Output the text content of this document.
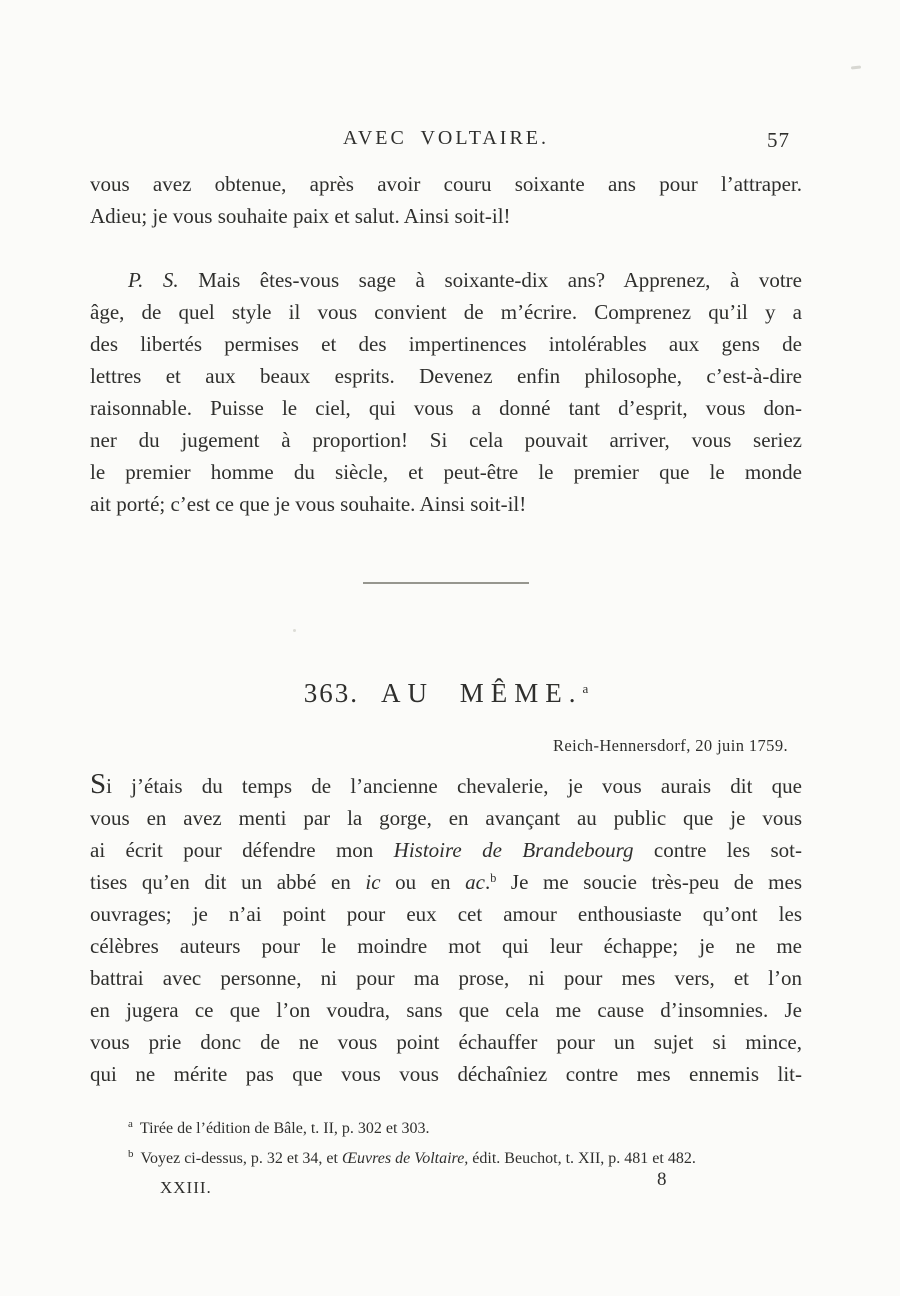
AVEC VOLTAIRE.	57
vous avez obtenue, après avoir couru soixante ans pour l’attraper.
Adieu; je vous souhaite paix et salut. Ainsi soit-il!
P. S. Mais êtes-vous sage à soixante-dix ans? Apprenez, à votre
âge, de quel style il vous convient de m’écrire. Comprenez qu’il y a
des libertés permises et des impertinences intolérables aux gens de
lettres et aux beaux esprits. Devenez enfin philosophe, c’est-à-dire
raisonnable. Puisse le ciel, qui vous a donné tant d’esprit, vous don-
ner du jugement à proportion! Si cela pouvait arriver, vous seriez
le premier homme du siècle, et peut-être le premier que le monde
ait porté; c’est ce que je vous souhaite. Ainsi soit-il!
363. AU MÊME.$^a$
Reich-Hennersdorf, 20 juin 1759.
Si j’étais du temps de l’ancienne chevalerie, je vous aurais dit que
vous en avez menti par la gorge, en avançant au public que je vous
ai écrit pour défendre mon Histoire de Brandebourg contre les sot-
tises qu’en dit un abbé en ic ou en ac.$^b$ Je me soucie très-peu de mes
ouvrages; je n’ai point pour eux cet amour enthousiaste qu’ont les
célèbres auteurs pour le moindre mot qui leur échappe; je ne me
battrai avec personne, ni pour ma prose, ni pour mes vers, et l’on
en jugera ce que l’on voudra, sans que cela me cause d’insomnies. Je
vous prie donc de ne vous point échauffer pour un sujet si mince,
qui ne mérite pas que vous vous déchaîniez contre mes ennemis lit-
$^a$ Tirée de l’édition de Bâle, t. II, p. 302 et 303.
$^b$ Voyez ci-dessus, p. 32 et 34, et Œuvres de Voltaire, édit. Beuchot, t. XII, p. 481 et 482.
XXIII.	8
